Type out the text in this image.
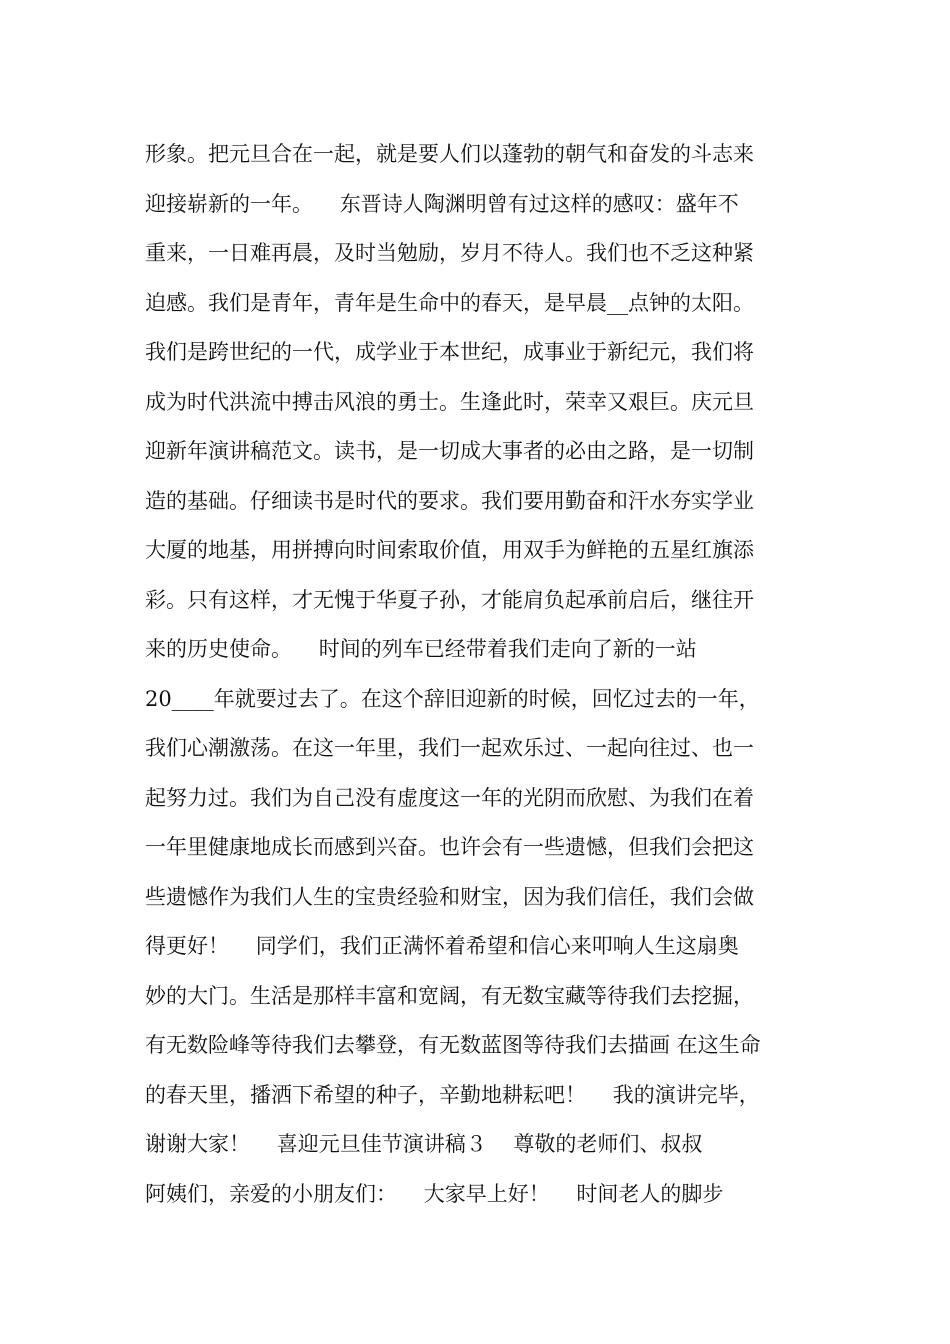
形象。把元旦合在一起，就是要人们以蓬勃的朝气和奋发的斗志来
迎接崭新的一年。    东晋诗人陶渊明曾有过这样的感叹：盛年不
重来，一日难再晨，及时当勉励，岁月不待人。我们也不乏这种紧
迫感。我们是青年，青年是生命中的春天，是早晨__点钟的太阳。
我们是跨世纪的一代，成学业于本世纪，成事业于新纪元，我们将
成为时代洪流中搏击风浪的勇士。生逢此时，荣幸又艰巨。庆元旦
迎新年演讲稿范文。读书，是一切成大事者的必由之路，是一切制
造的基础。仔细读书是时代的要求。我们要用勤奋和汗水夯实学业
大厦的地基，用拼搏向时间索取价值，用双手为鲜艳的五星红旗添
彩。只有这样，才无愧于华夏子孙，才能肩负起承前启后，继往开
来的历史使命。    时间的列车已经带着我们走向了新的一站
20____年就要过去了。在这个辞旧迎新的时候，回忆过去的一年，
我们心潮激荡。在这一年里，我们一起欢乐过、一起向往过、也一
起努力过。我们为自己没有虚度这一年的光阴而欣慰、为我们在着
一年里健康地成长而感到兴奋。也许会有一些遗憾，但我们会把这
些遗憾作为我们人生的宝贵经验和财宝，因为我们信任，我们会做
得更好！    同学们，我们正满怀着希望和信心来叩响人生这扇奥
妙的大门。生活是那样丰富和宽阔，有无数宝藏等待我们去挖掘，
有无数险峰等待我们去攀登，有无数蓝图等待我们去描画 在这生命
的春天里，播洒下希望的种子，辛勤地耕耘吧！    我的演讲完毕，
谢谢大家！    喜迎元旦佳节演讲稿３    尊敬的老师们、叔叔
阿姨们，亲爱的小朋友们：    大家早上好！    时间老人的脚步
